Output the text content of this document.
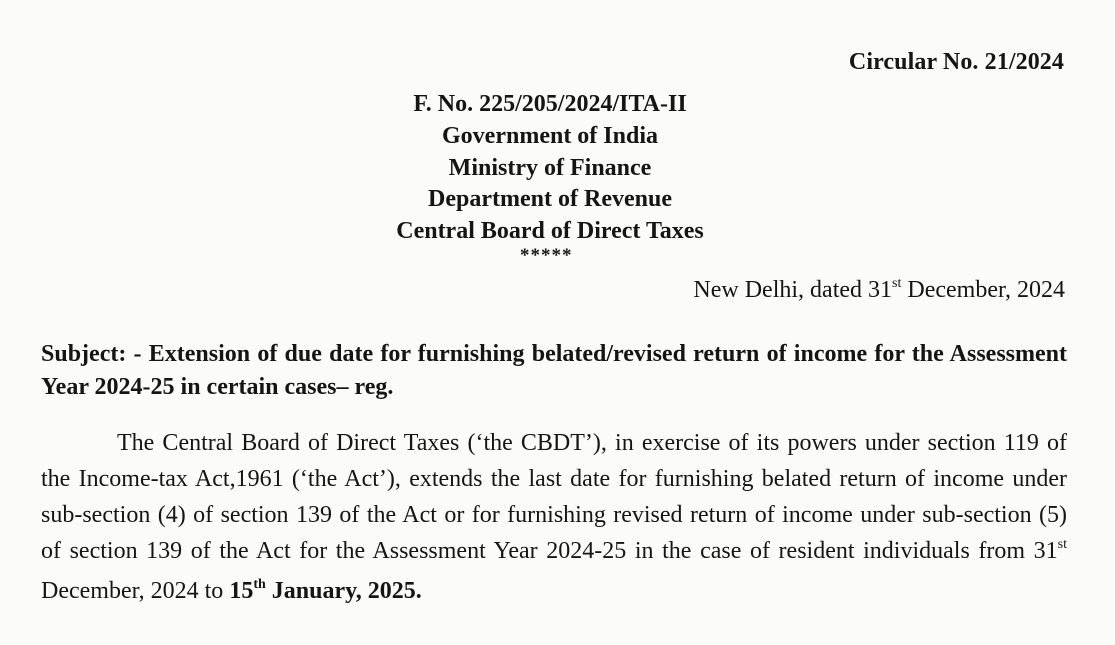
Circular No. 21/2024
F. No. 225/205/2024/ITA-II
Government of India
Ministry of Finance
Department of Revenue
Central Board of Direct Taxes
*****
New Delhi, dated 31st December, 2024
Subject: - Extension of due date for furnishing belated/revised return of income for the Assessment Year 2024-25 in certain cases– reg.
The Central Board of Direct Taxes (‘the CBDT’), in exercise of its powers under section 119 of the Income-tax Act,1961 (‘the Act’), extends the last date for furnishing belated return of income under sub-section (4) of section 139 of the Act or for furnishing revised return of income under sub-section (5) of section 139 of the Act for the Assessment Year 2024-25 in the case of resident individuals from 31st December, 2024 to 15th January, 2025.
